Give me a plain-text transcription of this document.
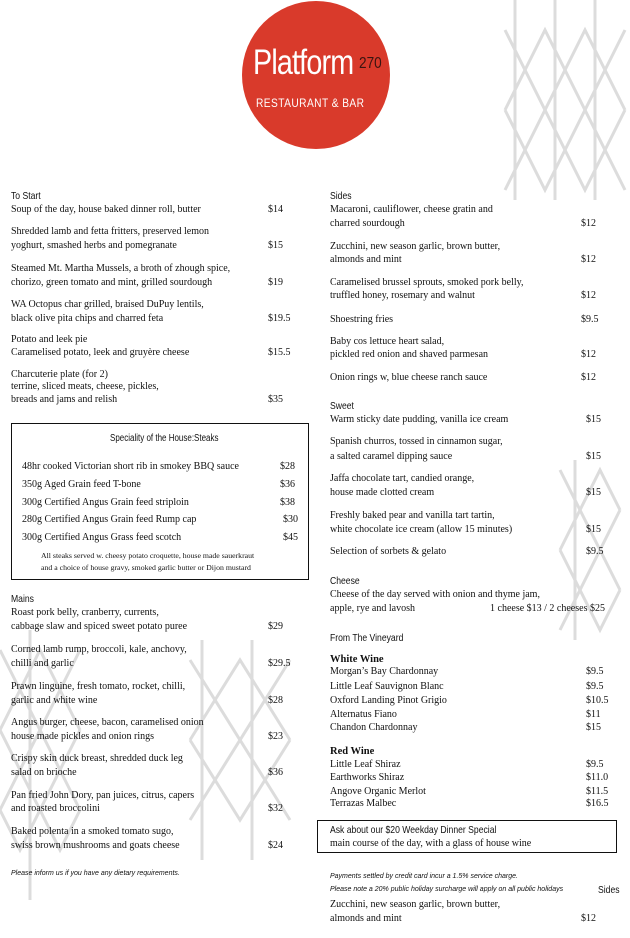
Platform 270
RESTAURANT & BAR
To Start
Soup of the day, house baked dinner roll, butter	$14
Shredded lamb and fetta fritters, preserved lemon
yoghurt, smashed herbs and pomegranate	$15
Steamed Mt. Martha Mussels, a broth of zhough spice,
chorizo, green tomato and mint, grilled sourdough	$19
WA Octopus char grilled, braised DuPuy lentils,
black olive pita chips and charred feta	$19.5
Potato and leek pie
Caramelised potato, leek and gruyère cheese	$15.5
Charcuterie plate (for 2)
terrine, sliced meats, cheese, pickles,
breads and jams and relish	$35
Speciality of the House:Steaks
48hr cooked Victorian short rib in smokey BBQ sauce	$28
350g Aged Grain feed T-bone	$36
300g Certified Angus Grain feed striploin	$38
280g Certified Angus Grain feed Rump cap	$30
300g Certified Angus Grass feed scotch	$45
All steaks served w. cheesy potato croquette, house made sauerkraut
and a choice of house gravy, smoked garlic butter or Dijon mustard
Mains
Roast pork belly, cranberry, currents,
cabbage slaw and spiced sweet potato puree	$29
Corned lamb rump, broccoli, kale, anchovy,
chilli and garlic	$29.5
Prawn linguine, fresh tomato, rocket, chilli,
garlic and white wine	$28
Angus burger, cheese, bacon, caramelised onion
house made pickles and onion rings	$23
Crispy skin duck breast, shredded duck leg
salad on brioche	$36
Pan fried John Dory, pan juices, citrus, capers
and roasted broccolini	$32
Baked polenta in a smoked tomato sugo,
swiss brown mushrooms and goats cheese	$24
Please inform us if you have any dietary requirements.
Sides
Macaroni, cauliflower, cheese gratin and
charred sourdough	$12
Zucchini, new season garlic, brown butter,
almonds and mint	$12
Caramelised brussel sprouts, smoked pork belly,
truffled honey, rosemary and walnut	$12
Shoestring fries	$9.5
Baby cos lettuce heart salad,
pickled red onion and shaved parmesan	$12
Onion rings w, blue cheese ranch sauce	$12
Sweet
Warm sticky date pudding, vanilla ice cream	$15
Spanish churros, tossed in cinnamon sugar,
a salted caramel dipping sauce	$15
Jaffa chocolate tart, candied orange,
house made clotted cream	$15
Freshly baked pear and vanilla tart tartin,
white chocolate ice cream (allow 15 minutes)	$15
Selection of sorbets & gelato	$9.5
Cheese
Cheese of the day served with onion and thyme jam,
apple, rye and lavosh	1 cheese $13 / 2 cheeses $25
From The Vineyard
White Wine
Morgan’s Bay Chardonnay	$9.5
Little Leaf Sauvignon Blanc	$9.5
Oxford Landing Pinot Grigio	$10.5
Alternatus Fiano	$11
Chandon Chardonnay	$15
Red Wine
Little Leaf Shiraz	$9.5
Earthworks Shiraz	$11.0
Angove Organic Merlot	$11.5
Terrazas Malbec	$16.5
Ask about our $20 Weekday Dinner Special
main course of the day, with a glass of house wine
Payments settled by credit card incur a 1.5% service charge.
Please note a 20% public holiday surcharge will apply on all public holidays	Sides
Zucchini, new season garlic, brown butter,
almonds and mint	$12
